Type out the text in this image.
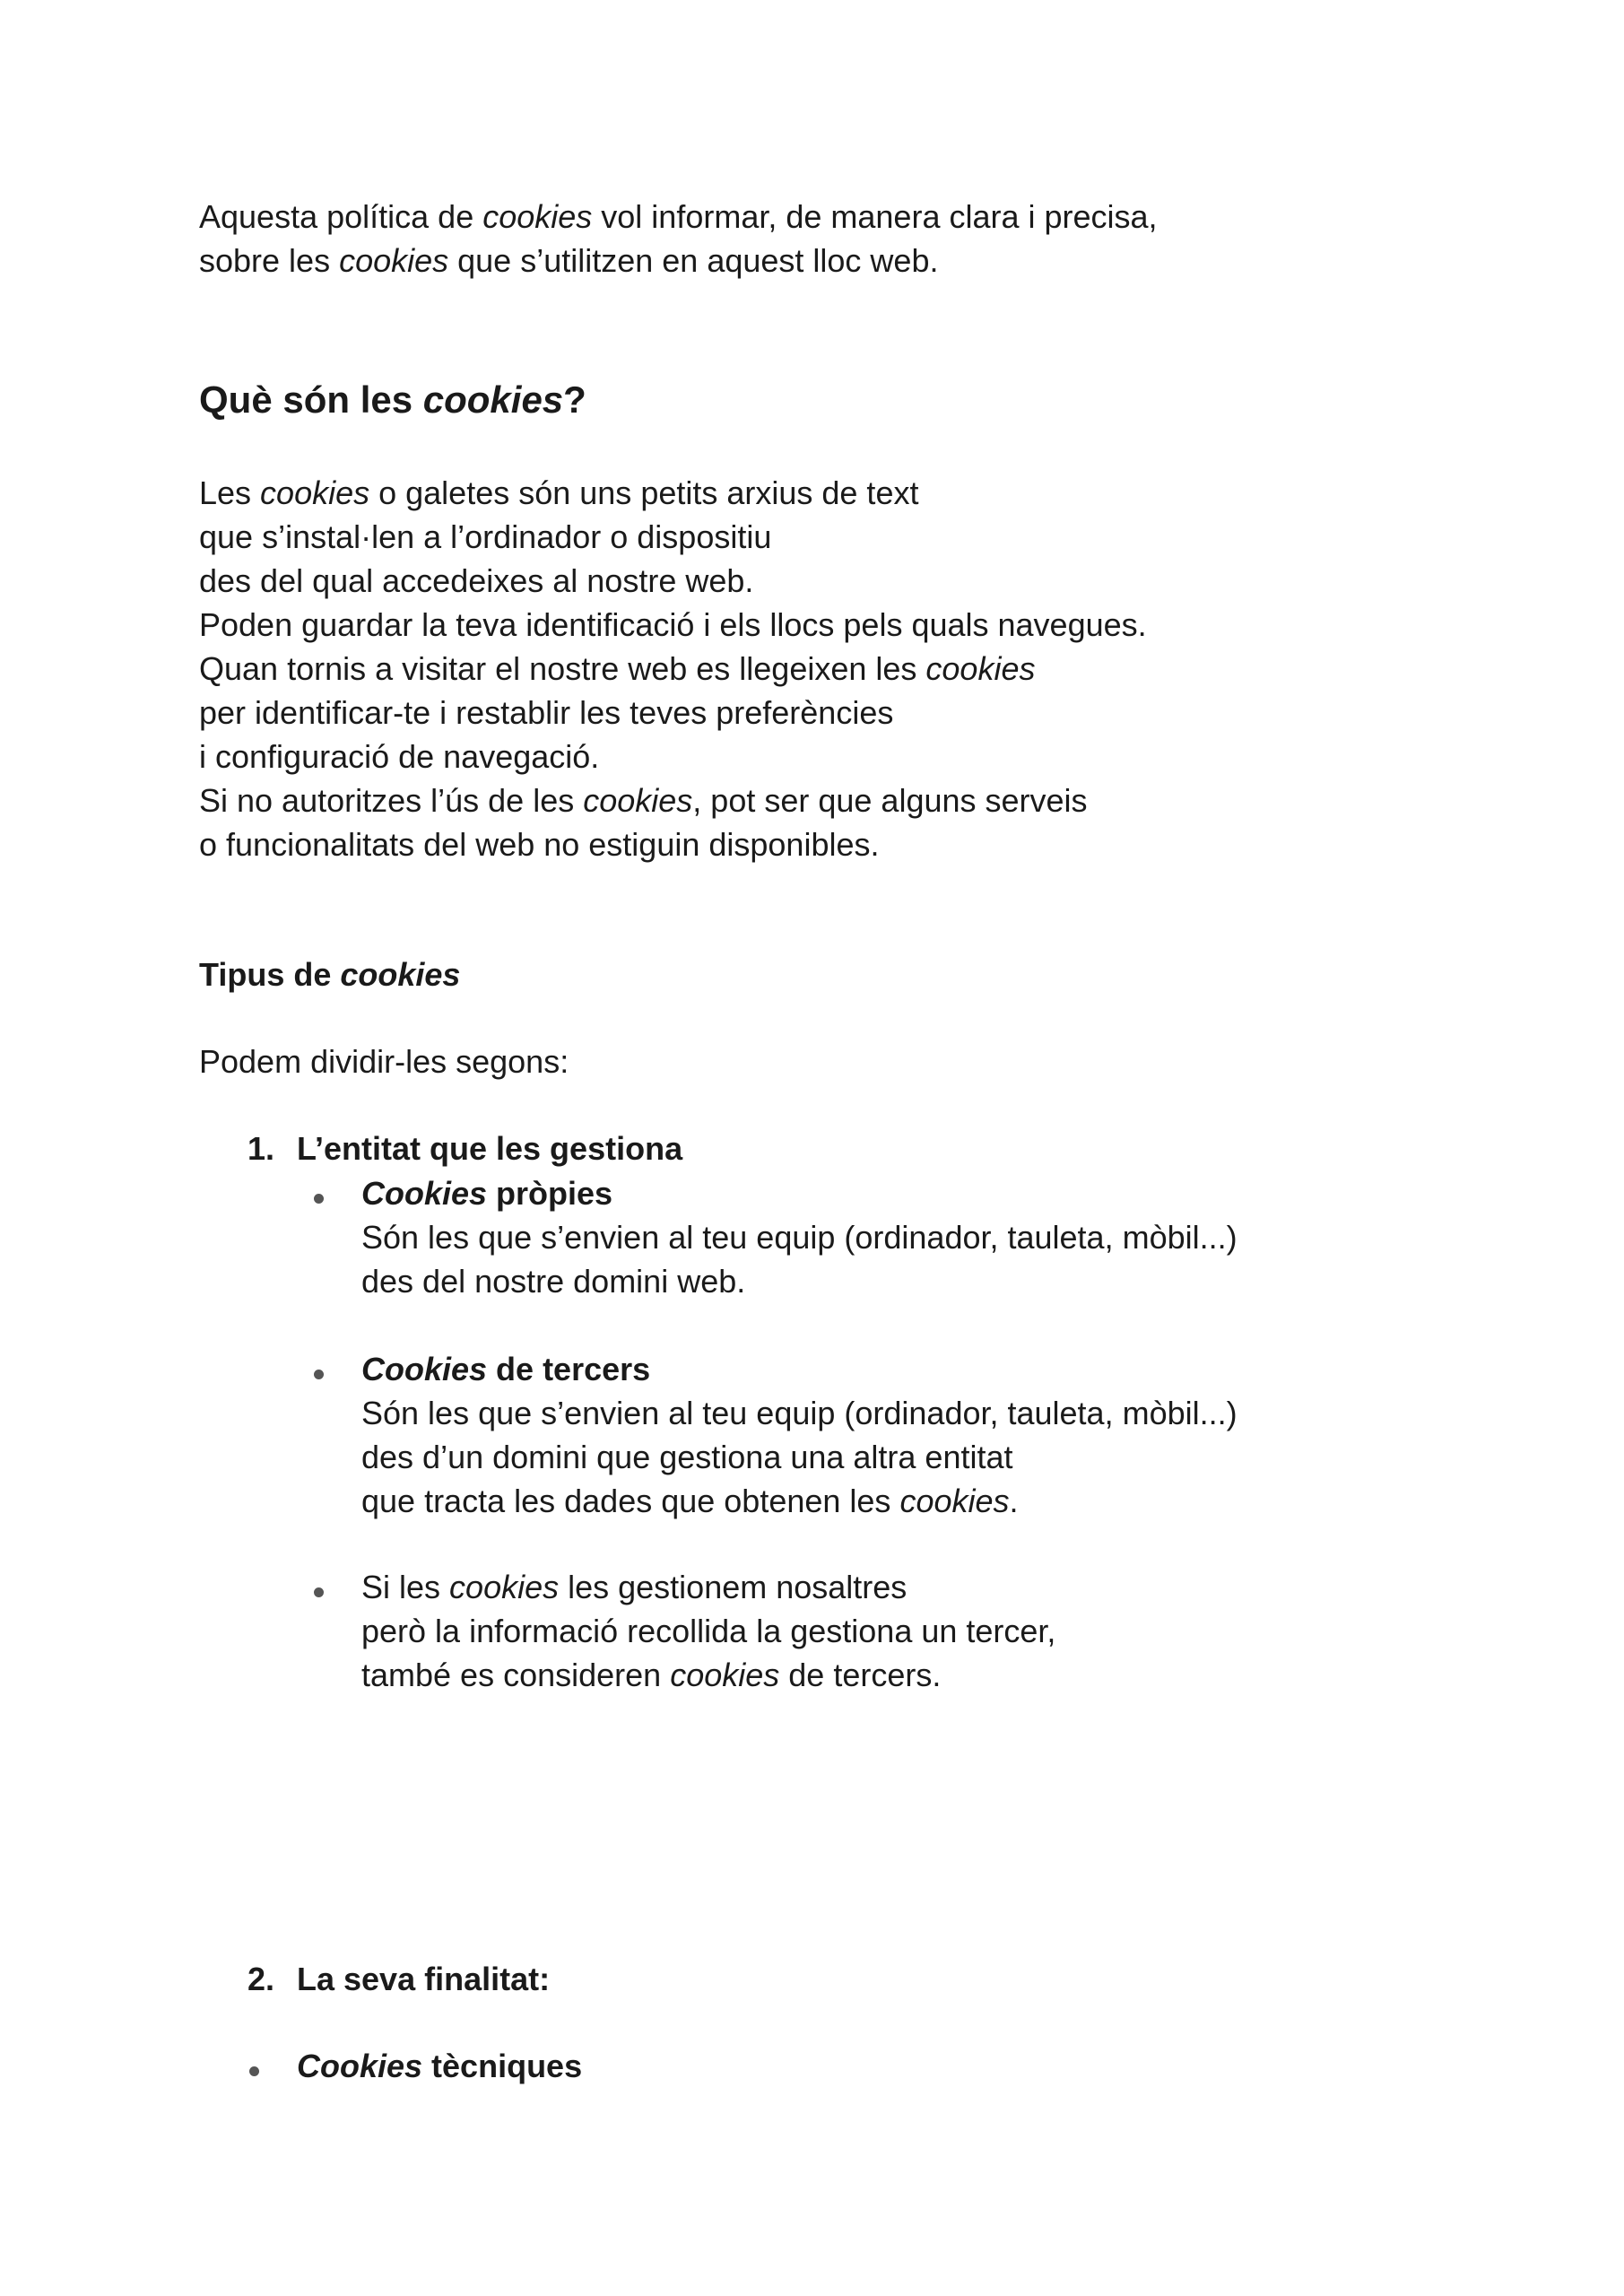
Aquesta política de cookies vol informar, de manera clara i precisa,
sobre les cookies que s’utilitzen en aquest lloc web.
Què són les cookies?
Les cookies o galetes són uns petits arxius de text
que s’instal·len a l’ordinador o dispositiu
des del qual accedeixes al nostre web.
Poden guardar la teva identificació i els llocs pels quals navegues.
Quan tornis a visitar el nostre web es llegeixen les cookies
per identificar-te i restablir les teves preferències
i configuració de navegació.
Si no autoritzes l’ús de les cookies, pot ser que alguns serveis
o funcionalitats del web no estiguin disponibles.
Tipus de cookies
Podem dividir-les segons:
1. L’entitat que les gestiona
Cookies pròpies
Són les que s’envien al teu equip (ordinador, tauleta, mòbil...)
des del nostre domini web.
Cookies de tercers
Són les que s’envien al teu equip (ordinador, tauleta, mòbil...)
des d’un domini que gestiona una altra entitat
que tracta les dades que obtenen les cookies.
Si les cookies les gestionem nosaltres
però la informació recollida la gestiona un tercer,
també es consideren cookies de tercers.
2. La seva finalitat:
Cookies tècniques
